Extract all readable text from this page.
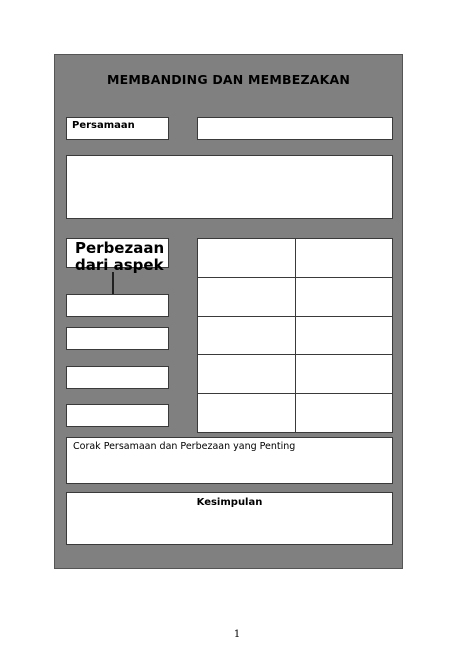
MEMBANDING DAN MEMBEZAKAN
Persamaan
Perbezaan dari aspek

Corak Persamaan dan Perbezaan yang Penting
Kesimpulan
1
